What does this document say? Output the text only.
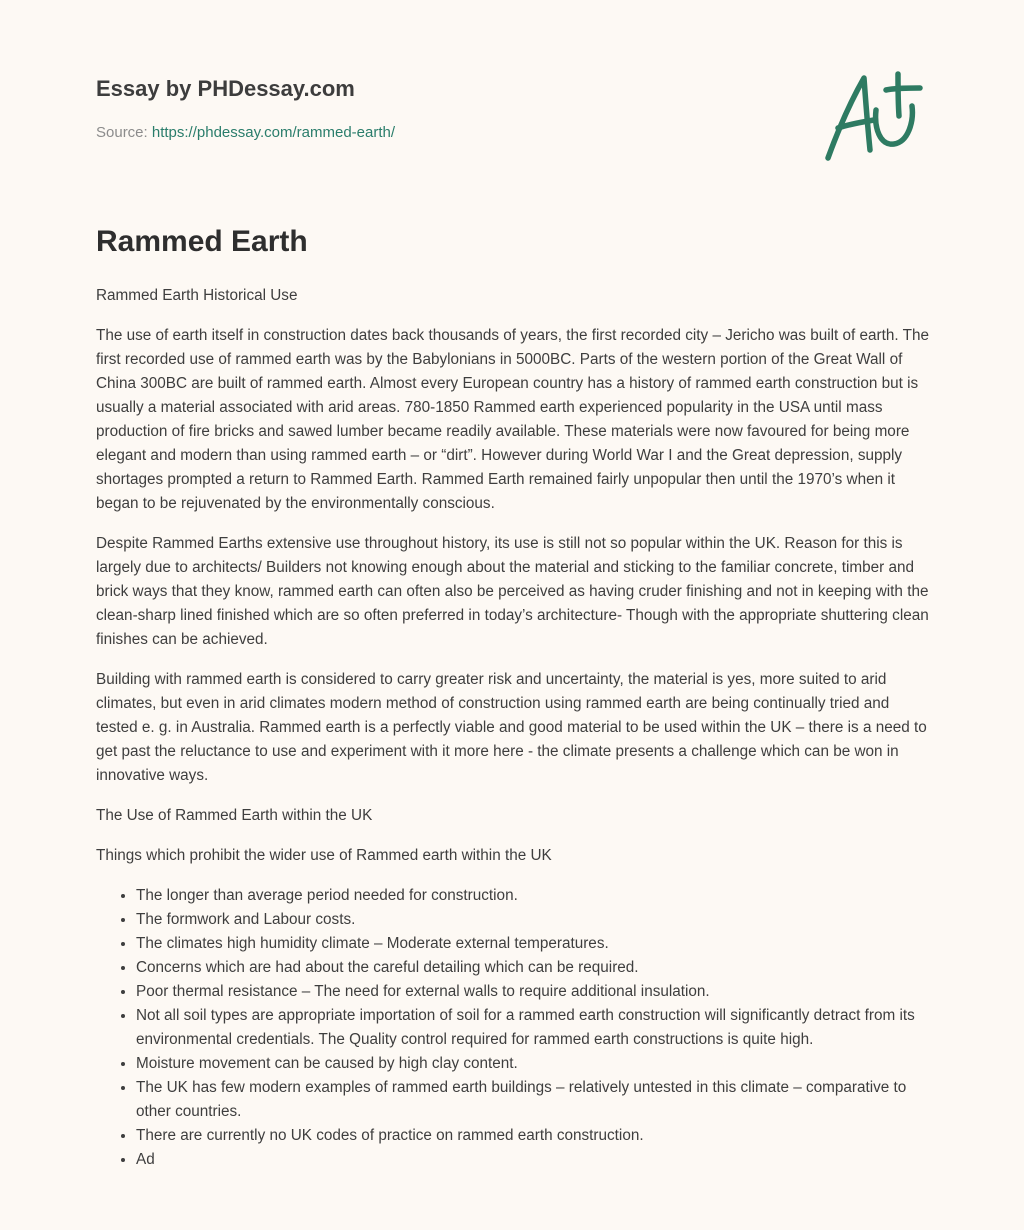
Essay by PHDessay.com
Source: https://phdessay.com/rammed-earth/
Rammed Earth

Rammed Earth Historical Use

The use of earth itself in construction dates back thousands of years, the first recorded city – Jericho was built of earth. The first recorded use of rammed earth was by the Babylonians in 5000BC. Parts of the western portion of the Great Wall of China 300BC are built of rammed earth. Almost every European country has a history of rammed earth construction but is usually a material associated with arid areas. 780-1850 Rammed earth experienced popularity in the USA until mass production of fire bricks and sawed lumber became readily available. These materials were now favoured for being more elegant and modern than using rammed earth – or “dirt”. However during World War I and the Great depression, supply shortages prompted a return to Rammed Earth. Rammed Earth remained fairly unpopular then until the 1970’s when it began to be rejuvenated by the environmentally conscious.

Despite Rammed Earths extensive use throughout history, its use is still not so popular within the UK. Reason for this is largely due to architects/ Builders not knowing enough about the material and sticking to the familiar concrete, timber and brick ways that they know, rammed earth can often also be perceived as having cruder finishing and not in keeping with the clean-sharp lined finished which are so often preferred in today’s architecture- Though with the appropriate shuttering clean finishes can be achieved.

Building with rammed earth is considered to carry greater risk and uncertainty, the material is yes, more suited to arid climates, but even in arid climates modern method of construction using rammed earth are being continually tried and tested e. g. in Australia. Rammed earth is a perfectly viable and good material to be used within the UK – there is a need to get past the reluctance to use and experiment with it more here - the climate presents a challenge which can be won in innovative ways.

The Use of Rammed Earth within the UK

Things which prohibit the wider use of Rammed earth within the UK

• The longer than average period needed for construction.
• The formwork and Labour costs.
• The climates high humidity climate – Moderate external temperatures.
• Concerns which are had about the careful detailing which can be required.
• Poor thermal resistance – The need for external walls to require additional insulation.
• Not all soil types are appropriate importation of soil for a rammed earth construction will significantly detract from its environmental credentials. The Quality control required for rammed earth constructions is quite high.
• Moisture movement can be caused by high clay content.
• The UK has few modern examples of rammed earth buildings – relatively untested in this climate – comparative to other countries.
• There are currently no UK codes of practice on rammed earth construction.
• Ad
